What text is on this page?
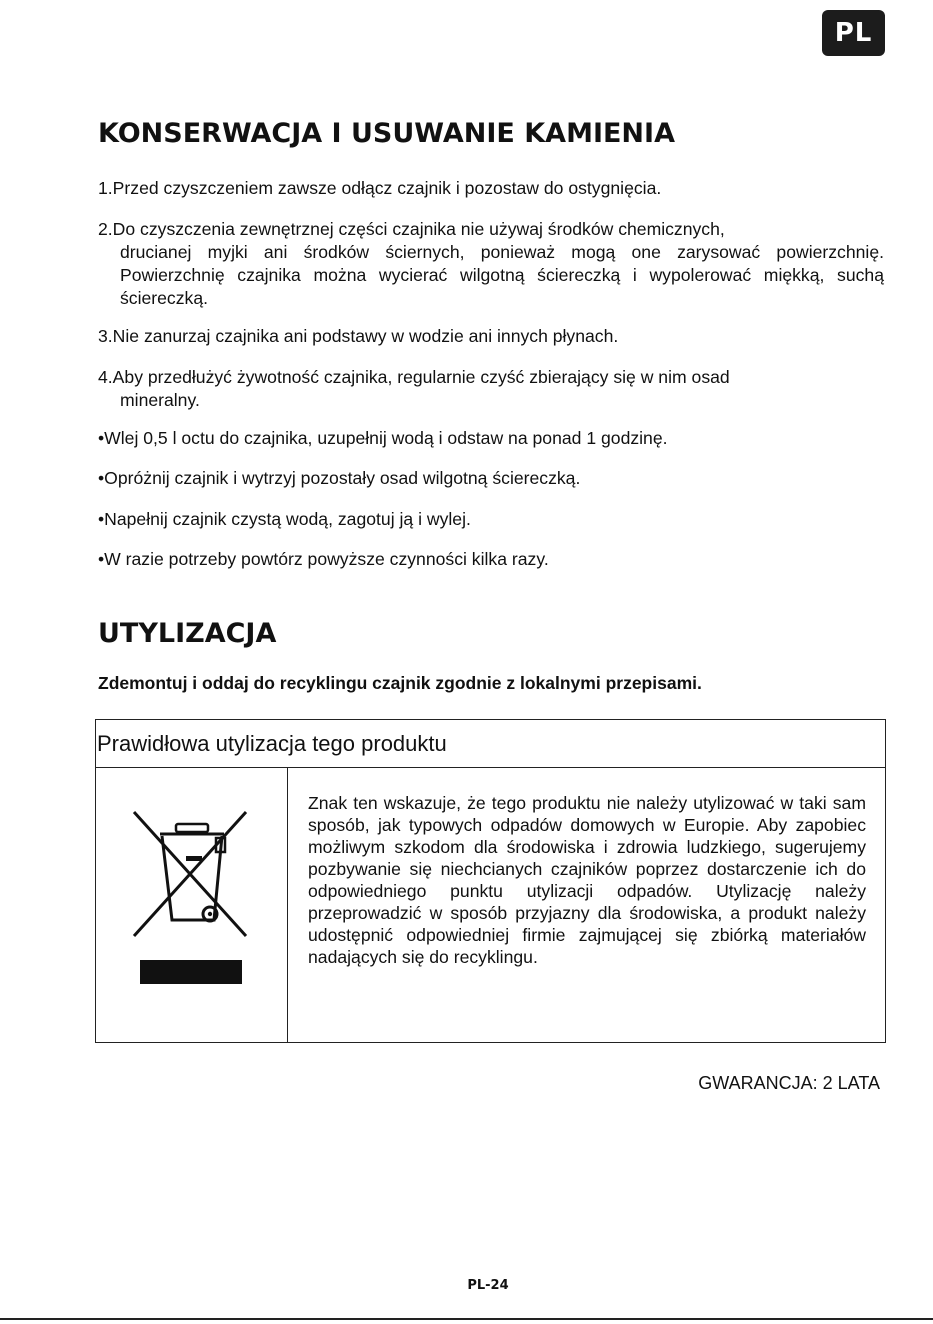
PL
KONSERWACJA I USUWANIE KAMIENIA

1.Przed czyszczeniem zawsze odłącz czajnik i pozostaw do ostygnięcia.

2.Do czyszczenia zewnętrznej części czajnika nie używaj środków chemicznych,
drucianej myjki ani środków ściernych, ponieważ mogą one zarysować powierzchnię. Powierzchnię czajnika można wycierać wilgotną ściereczką i wypolerować miękką, suchą ściereczką.

3.Nie zanurzaj czajnika ani podstawy w wodzie ani innych płynach.

4.Aby przedłużyć żywotność czajnika, regularnie czyść zbierający się w nim osad
mineralny.

•Wlej 0,5 l octu do czajnika, uzupełnij wodą i odstaw na ponad 1 godzinę.

•Opróżnij czajnik i wytrzyj pozostały osad wilgotną ściereczką.

•Napełnij czajnik czystą wodą, zagotuj ją i wylej.

•W razie potrzeby powtórz powyższe czynności kilka razy.

UTYLIZACJA

Zdemontuj i oddaj do recyklingu czajnik zgodnie z lokalnymi przepisami.

Prawidłowa utylizacja tego produktu

Znak ten wskazuje, że tego produktu nie należy utylizować w taki sam sposób, jak typowych odpadów domowych w Europie. Aby zapobiec możliwym szkodom dla środowiska i zdrowia ludzkiego, sugerujemy pozbywanie się niechcianych czajników poprzez dostarczenie ich do odpowiedniego punktu utylizacji odpadów. Utylizację należy przeprowadzić w sposób przyjazny dla środowiska, a produkt należy udostępnić odpowiedniej firmie zajmującej się zbiórką materiałów nadających się do recyklingu.

GWARANCJA: 2 LATA

PL-24
